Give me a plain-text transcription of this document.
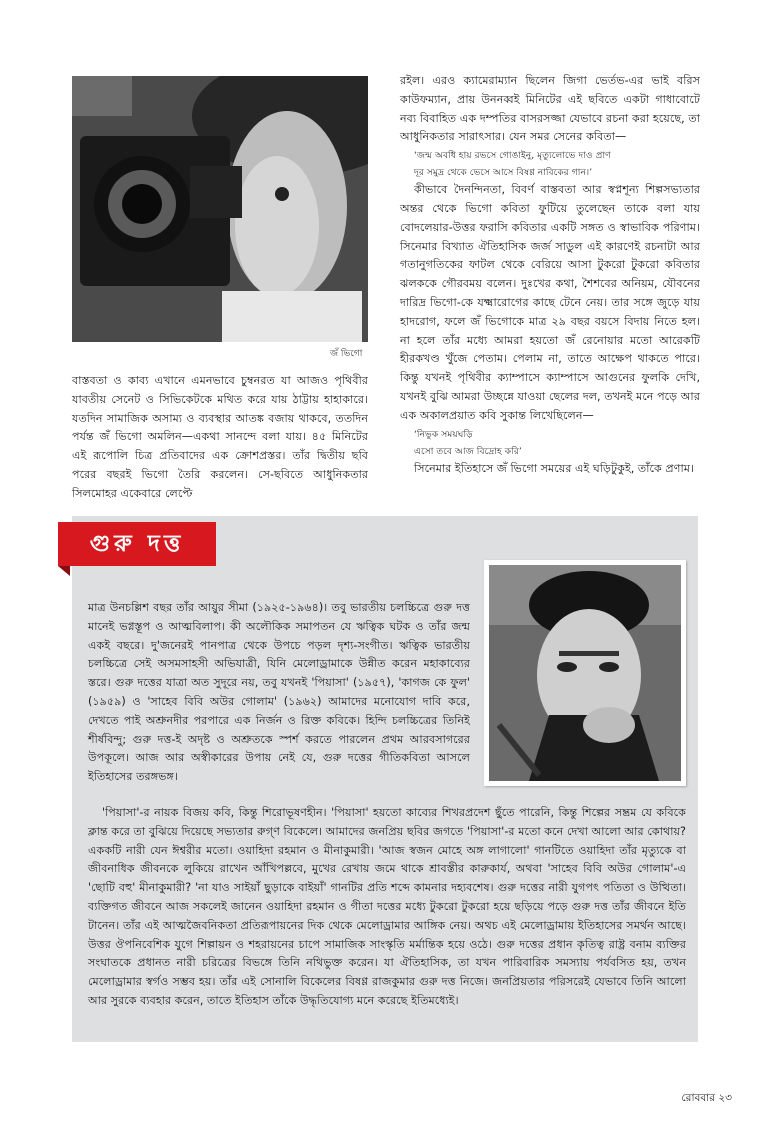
জঁ ভিগো

বাস্তবতা ও কাব্য এখানে এমনভাবে চুম্বনরত যা আজও পৃথিবীর যাবতীয় সেনেট ও সিভিকেটকে মথিত করে যায় ঠাট্টায় হাহাকারে। যতদিন সামাজিক অসাম্য ও ব্যবস্থার আতঙ্ক বজায় থাকবে, ততদিন পর্যন্ত জঁ ভিগো অমলিন—একথা সানন্দে বলা যায়। ৪৫ মিনিটের এই রূপোলি চিত্র প্রতিবাদের এক ক্রোশপ্রস্তর। তাঁর দ্বিতীয় ছবি পরের বছরই ভিগো তৈরি করলেন। সে-ছবিতে আধুনিকতার সিলমোহর একেবারে লেপ্টে

রইল। এরও ক্যামেরাম্যান ছিলেন জিগা ভের্তভ-এর ভাই বরিস কাউফম্যান, প্রায় উননব্বই মিনিটের এই ছবিতে একটা গাধাবোটে নব্য বিবাহিত এক দম্পতির বাসরসজ্জা যেভাবে রচনা করা হয়েছে, তা আধুনিকতার সারাৎসার। যেন সমর সেনের কবিতা—

‘জন্ম অবধি হায় রভসে গোঙাইনু, মৃত্যুলোভে দাও প্রাণ
দূর সমুদ্র থেকে ভেসে আসে বিষণ্ণ নাবিকের গান।’

কীভাবে দৈনন্দিনতা, বিবর্ণ বাস্তবতা আর স্বপ্নশূন্য শিল্পসভ্যতার অন্তর থেকে ভিগো কবিতা ফুটিয়ে তুলেছেন তাকে বলা যায় বোদলেয়ার-উত্তর ফরাসি কবিতার একটি সঙ্গত ও স্বাভাবিক পরিণাম। সিনেমার বিখ্যাত ঐতিহাসিক জর্জ সাডুল এই কারণেই রচনাটা আর গতানুগতিকের ফাটল থেকে বেরিয়ে আসা টুকরো টুকরো কবিতার ঝলককে গৌরবময় বলেন। দুঃখের কথা, শৈশবের অনিয়ম, যৌবনের দারিদ্র ভিগো-কে যক্ষ্মারোগের কাছে টেনে নেয়। তার সঙ্গে জুড়ে যায় হাদরোগ, ফলে জঁ ভিগোকে মাত্র ২৯ বছর বয়সে বিদায় নিতে হল। না হলে তাঁর মধ্যে আমরা হয়তো জঁ রেনোয়ার মতো আরেকটি হীরকখণ্ড খুঁজে পেতাম। পেলাম না, তাতে আক্ষেপ থাকতে পারে। কিন্তু যখনই পৃথিবীর ক্যাম্পাসে ক্যাম্পাসে আগুনের ফুলকি দেখি, যখনই বুঝি আমরা উচ্ছন্নে যাওয়া ছেলের দল, তখনই মনে পড়ে আর এক অকালপ্রয়াত কবি সুকান্ত লিখেছিলেন—

‘নিভুক সময়ঘড়ি
এসো তবে আজ বিদ্রোহ করি’

সিনেমার ইতিহাসে জঁ ভিগো সময়ের এই ঘড়িটুকুই, তাঁকে প্রণাম।

গুরু দত্ত
মাত্র উনচল্লিশ বছর তাঁর আয়ুর সীমা (১৯২৫-১৯৬৪)। তবু ভারতীয় চলচ্চিত্রে গুরু দত্ত মানেই ভগ্নস্তূপ ও আত্মবিলাপ। কী অলৌকিক সমাপতন যে ঋত্বিক ঘটক ও তাঁর জন্ম একই বছরে। দু'জনেরই পানপাত্র থেকে উপচে পড়ল দৃশ্য-সংগীত। ঋত্বিক ভারতীয় চলচ্চিত্রে সেই অসমসাহসী অভিযাত্রী, যিনি মেলোড্রামাকে উন্নীত করেন মহাকাব্যের স্তরে। গুরু দত্তের যাত্রা অত সুদূরে নয়, তবু যখনই 'পিয়াসা' (১৯৫৭), 'কাগজ কে ফুল' (১৯৫৯) ও 'সাহেব বিবি অউর গোলাম' (১৯৬২) আমাদের মনোযোগ দাবি করে, দেখতে পাই অশ্রুনদীর পরপারে এক নির্জন ও রিক্ত কবিকে। হিন্দি চলচ্চিত্রের তিনিই শীর্ষবিন্দু; গুরু দত্ত-ই অদৃষ্ট ও অশ্রুতকে স্পর্শ করতে পারলেন প্রথম আরবসাগরের উপকূলে। আজ আর অস্বীকারের উপায় নেই যে, গুরু দত্তের গীতিকবিতা আসলে ইতিহাসের তরঙ্গভঙ্গ।
'পিয়াসা'-র নায়ক বিজয় কবি, কিন্তু শিরোভূষণহীন। 'পিয়াসা' হয়তো কাব্যের শিখরপ্রদেশ ছুঁতে পারেনি, কিন্তু শিল্পের সম্ভ্রম যে কবিকে ক্লান্ত করে তা বুঝিয়ে দিয়েছে সভ্যতার রুগ্‌ণ বিকেলে। আমাদের জনপ্রিয় ছবির জগতে 'পিয়াসা'-র মতো কনে দেখা আলো আর কোথায়? এককটি নারী যেন ঈশ্বরীর মতো। ওয়াহিদা রহমান ও মীনাকুমারী। 'আজ স্বজন মোহে অঙ্গ লাগালো' গানটিতে ওয়াহিদা তাঁর মৃত্যুকে বা জীবনাধিক জীবনকে লুকিয়ে রাখেন আঁখিপল্লবে, মুখের রেখায় জমে থাকে শ্রাবস্তীর কারুকার্য, অথবা 'সাহেব বিবি অউর গোলাম'-এ 'ছোটি বহু' মীনাকুমারী? 'না যাও সাইয়াঁ ছুড়াকে বাইয়াঁ' গানটির প্রতি শব্দে কামনার দহ্যবশেষ। গুরু দত্তের নারী যুগপৎ পতিতা ও উত্থিতা। ব্যক্তিগত জীবনে আজ সকলেই জানেন ওয়াহিদা রহমান ও গীতা দত্তের মধ্যে টুকরো টুকরো হয়ে ছড়িয়ে পড়ে গুরু দত্ত তাঁর জীবনে ইতি টানেন। তাঁর এই আত্মজৈবনিকতা প্রতিরূপায়নের দিক থেকে মেলোড্রামার আঙ্গিক নেয়। অথচ এই মেলোড্রামায় ইতিহাসের সমর্থন আছে। উত্তর ঔপনিবেশিক যুগে শিল্পায়ন ও শহরায়নের চাপে সামাজিক সাংস্কৃতি মর্মান্তিক হয়ে ওঠে। গুরু দত্তের প্রধান কৃতিত্ব রাষ্ট্র বনাম ব্যক্তির সংঘাতকে প্রধানত নারী চরিত্রের বিভঙ্গে তিনি নথিভুক্ত করেন। যা ঐতিহাসিক, তা যখন পারিবারিক সমস্যায় পর্যবসিত হয়, তখন মেলোড্রামার স্বর্গও সম্ভব হয়। তাঁর এই সোনালি বিকেলের বিষণ্ণ রাজকুমার গুরু দত্ত নিজে। জনপ্রিয়তার পরিসরেই যেভাবে তিনি আলো আর সুরকে ব্যবহার করেন, তাতে ইতিহাস তাঁকে উদ্ধৃতিযোগ্য মনে করেছে ইতিমধ্যেই।
রোববার ২৩
